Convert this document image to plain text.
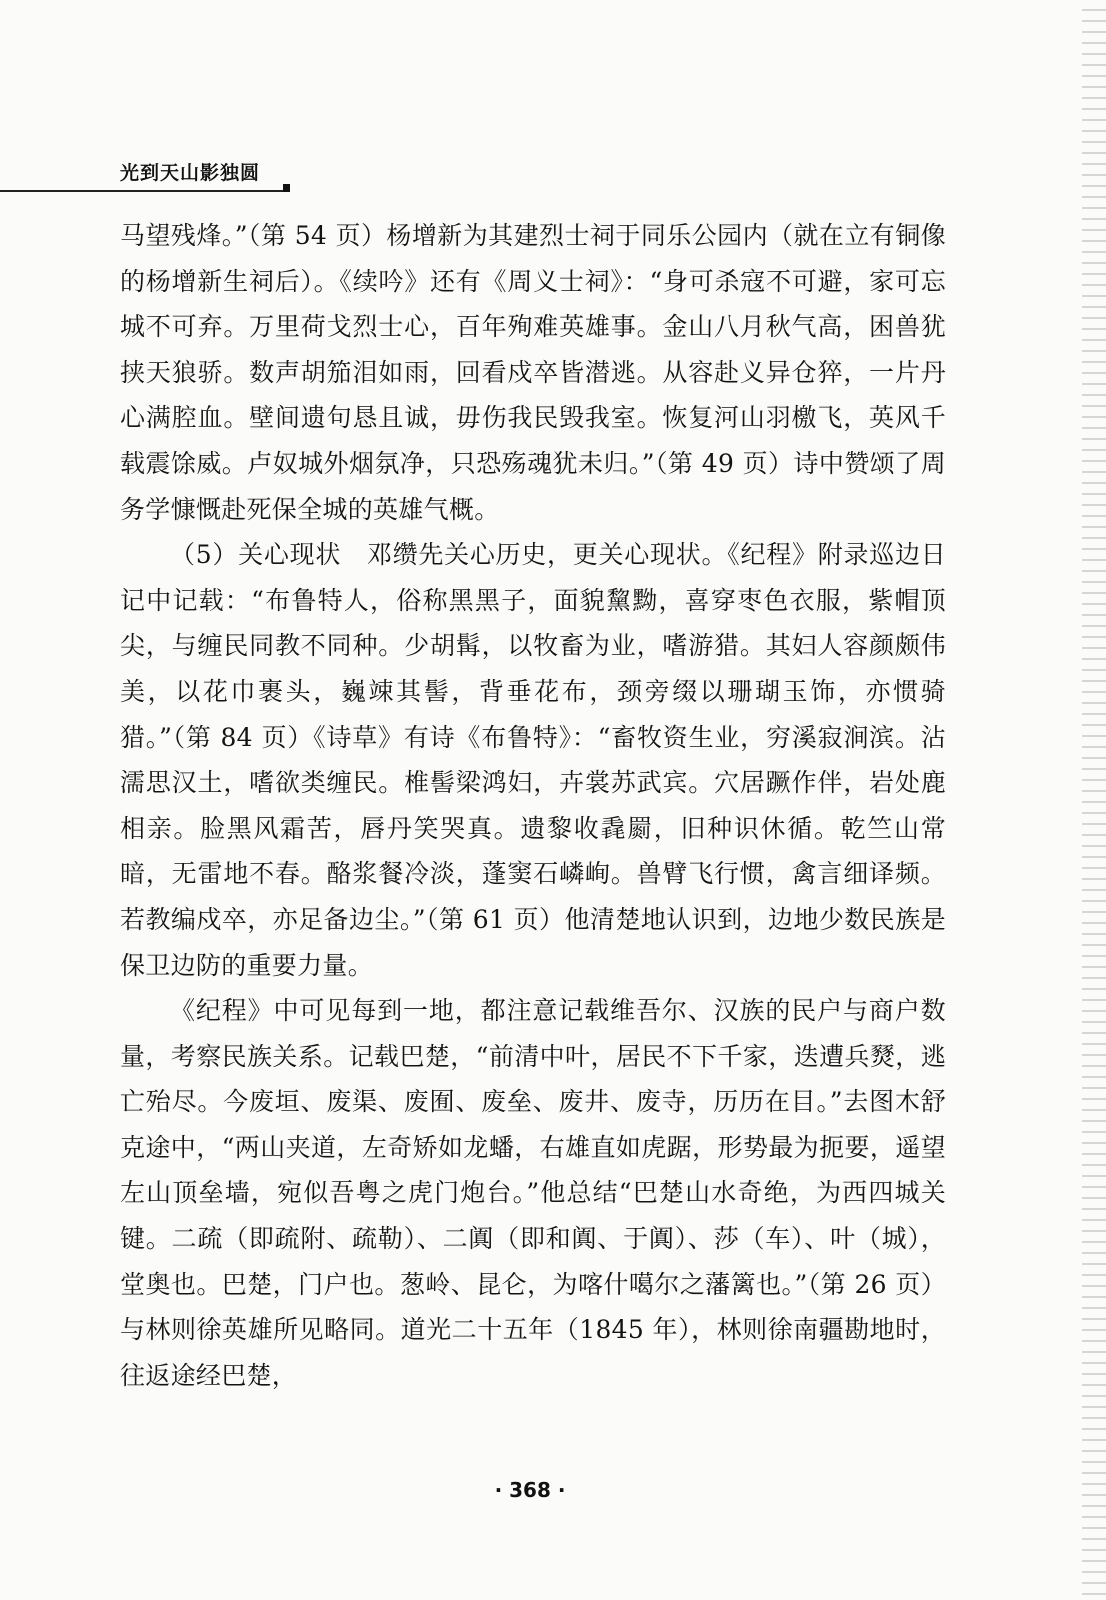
光到天山影独圆

马望残烽。”（第 54 页）杨增新为其建烈士祠于同乐公园内（就在立有铜像的杨增新生祠后）。《续吟》还有《周义士祠》：“身可杀寇不可避，家可忘城不可弃。万里荷戈烈士心，百年殉难英雄事。金山八月秋气高，困兽犹挟天狼骄。数声胡笳泪如雨，回看戍卒皆潜逃。从容赴义异仓猝，一片丹心满腔血。壁间遗句恳且诚，毋伤我民毁我室。恢复河山羽檄飞，英风千载震馀威。卢奴城外烟氛净，只恐殇魂犹未归。”（第 49 页）诗中赞颂了周务学慷慨赴死保全城的英雄气概。

（5）关心现状　邓缵先关心历史，更关心现状。《纪程》附录巡边日记中记载：“布鲁特人，俗称黑黑子，面貌黧黝，喜穿枣色衣服，紫帽顶尖，与缠民同教不同种。少胡髯，以牧畜为业，嗜游猎。其妇人容颜颇伟美，以花巾裹头，巍竦其髻，背垂花布，颈旁缀以珊瑚玉饰，亦惯骑猎。”（第 84 页）《诗草》有诗《布鲁特》：“畜牧资生业，穷溪寂涧滨。沾濡思汉土，嗜欲类缠民。椎髻梁鸿妇，卉裳苏武宾。穴居蹶作伴，岩处鹿相亲。脸黑风霜苦，唇丹笑哭真。遗黎收毳罽，旧种识休循。乾竺山常暗，无雷地不春。酪浆餐冷淡，蓬窦石嶙峋。兽臂飞行惯，禽言细译频。若教编戍卒，亦足备边尘。”（第 61 页）他清楚地认识到，边地少数民族是保卫边防的重要力量。

《纪程》中可见每到一地，都注意记载维吾尔、汉族的民户与商户数量，考察民族关系。记载巴楚，“前清中叶，居民不下千家，迭遭兵燹，逃亡殆尽。今废垣、废渠、废囿、废垒、废井、废寺，历历在目。”去图木舒克途中，“两山夹道，左奇矫如龙蟠，右雄直如虎踞，形势最为扼要，遥望左山顶垒墙，宛似吾粤之虎门炮台。”他总结“巴楚山水奇绝，为西四城关键。二疏（即疏附、疏勒）、二阗（即和阗、于阗）、莎（车）、叶（城），堂奥也。巴楚，门户也。葱岭、昆仑，为喀什噶尔之藩篱也。”（第 26 页）与林则徐英雄所见略同。道光二十五年（1845 年），林则徐南疆勘地时，往返途经巴楚，

· 368 ·
